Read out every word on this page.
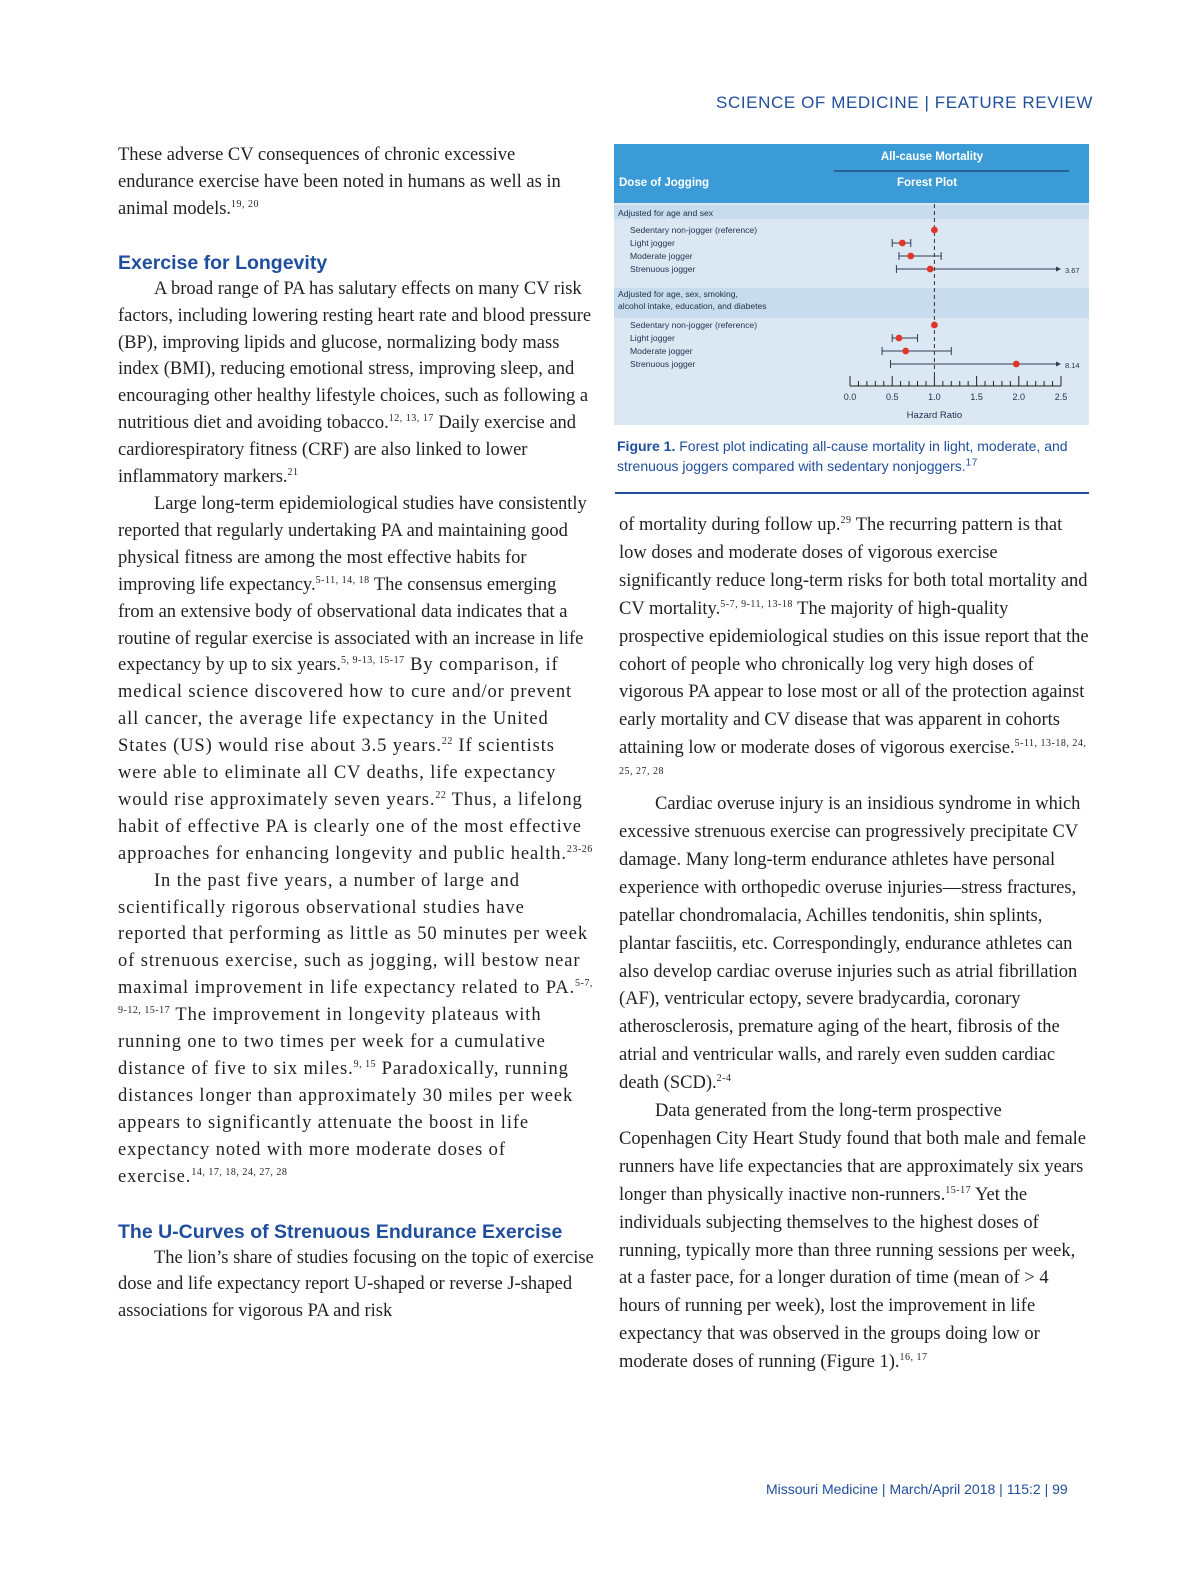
SCIENCE OF MEDICINE | FEATURE REVIEW

These adverse CV consequences of chronic excessive endurance exercise have been noted in humans as well as in animal models.$^{19, 20}$

Exercise for Longevity

A broad range of PA has salutary effects on many CV risk factors, including lowering resting heart rate and blood pressure (BP), improving lipids and glucose, normalizing body mass index (BMI), reducing emotional stress, improving sleep, and encouraging other healthy lifestyle choices, such as following a nutritious diet and avoiding tobacco.$^{12, 13, 17}$ Daily exercise and cardiorespiratory fitness (CRF) are also linked to lower inflammatory markers.$^{21}$

Large long-term epidemiological studies have consistently reported that regularly undertaking PA and maintaining good physical fitness are among the most effective habits for improving life expectancy.$^{5-11, 14, 18}$ The consensus emerging from an extensive body of observational data indicates that a routine of regular exercise is associated with an increase in life expectancy by up to six years.$^{5, 9-13, 15-17}$ By comparison, if medical science discovered how to cure and/or prevent all cancer, the average life expectancy in the United States (US) would rise about 3.5 years.$^{22}$ If scientists were able to eliminate all CV deaths, life expectancy would rise approximately seven years.$^{22}$ Thus, a lifelong habit of effective PA is clearly one of the most effective approaches for enhancing longevity and public health.$^{23-26}$

In the past five years, a number of large and scientifically rigorous observational studies have reported that performing as little as 50 minutes per week of strenuous exercise, such as jogging, will bestow near maximal improvement in life expectancy related to PA.$^{5-7, 9-12, 15-17}$ The improvement in longevity plateaus with running one to two times per week for a cumulative distance of five to six miles.$^{9, 15}$ Paradoxically, running distances longer than approximately 30 miles per week appears to significantly attenuate the boost in life expectancy noted with more moderate doses of exercise.$^{14, 17, 18, 24, 27, 28}$

The U-Curves of Strenuous Endurance Exercise

The lion’s share of studies focusing on the topic of exercise dose and life expectancy report U-shaped or reverse J-shaped associations for vigorous PA and risk

Dose of Jogging
All-cause Mortality
Forest Plot
Adjusted for age and sex
Adjusted for age, sex, smoking,
alcohol intake, education, and diabetes
Sedentary non-jogger (reference)
Light jogger
Moderate jogger
Strenuous jogger	3.67
Sedentary non-jogger (reference)
Light jogger
Moderate jogger
Strenuous jogger	8.14
0.0	0.5	1.0	1.5	2.0	2.5
Hazard Ratio
Figure 1. Forest plot indicating all-cause mortality in light, moderate, and strenuous joggers compared with sedentary nonjoggers.$^{17}$

of mortality during follow up.$^{29}$ The recurring pattern is that low doses and moderate doses of vigorous exercise significantly reduce long-term risks for both total mortality and CV mortality.$^{5-7, 9-11, 13-18}$ The majority of high-quality prospective epidemiological studies on this issue report that the cohort of people who chronically log very high doses of vigorous PA appear to lose most or all of the protection against early mortality and CV disease that was apparent in cohorts attaining low or moderate doses of vigorous exercise.$^{5-11, 13-18, 24, 25, 27, 28}$

Cardiac overuse injury is an insidious syndrome in which excessive strenuous exercise can progressively precipitate CV damage. Many long-term endurance athletes have personal experience with orthopedic overuse injuries—stress fractures, patellar chondromalacia, Achilles tendonitis, shin splints, plantar fasciitis, etc. Correspondingly, endurance athletes can also develop cardiac overuse injuries such as atrial fibrillation (AF), ventricular ectopy, severe bradycardia, coronary atherosclerosis, premature aging of the heart, fibrosis of the atrial and ventricular walls, and rarely even sudden cardiac death (SCD).$^{2-4}$

Data generated from the long-term prospective Copenhagen City Heart Study found that both male and female runners have life expectancies that are approximately six years longer than physically inactive non-runners.$^{15-17}$ Yet the individuals subjecting themselves to the highest doses of running, typically more than three running sessions per week, at a faster pace, for a longer duration of time (mean of > 4 hours of running per week), lost the improvement in life expectancy that was observed in the groups doing low or moderate doses of running (Figure 1).$^{16, 17}$

Missouri Medicine | March/April 2018 | 115:2 | 99
